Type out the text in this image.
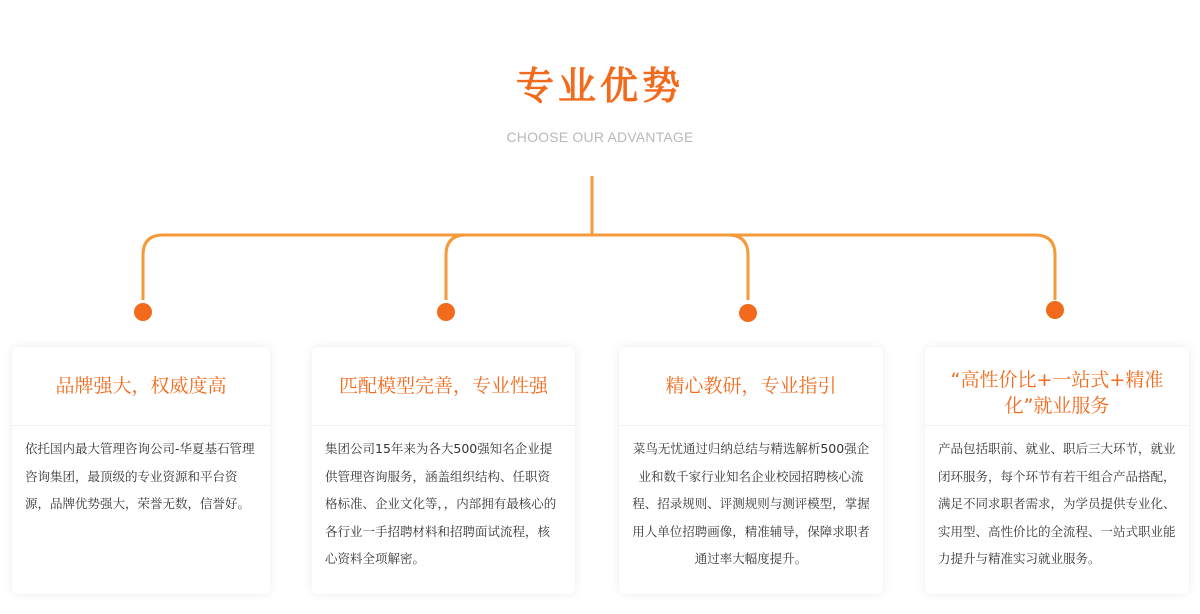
专业优势
CHOOSE OUR ADVANTAGE
品牌强大，权威度高
依托国内最大管理咨询公司-华夏基石管理咨询集团，最顶级的专业资源和平台资源，品牌优势强大，荣誉无数，信誉好。
匹配模型完善，专业性强
集团公司15年来为各大500强知名企业提供管理咨询服务，涵盖组织结构、任职资格标准、企业文化等，，内部拥有最核心的各行业一手招聘材料和招聘面试流程，核心资料全项解密。
精心教研，专业指引
菜鸟无忧通过归纳总结与精选解析500强企业和数千家行业知名企业校园招聘核心流程、招录规则、评测规则与测评模型，掌握用人单位招聘画像，精准辅导，保障求职者通过率大幅度提升。
“高性价比+一站式+精准化”就业服务
产品包括职前、就业、职后三大环节，就业闭环服务，每个环节有若干组合产品搭配，满足不同求职者需求，为学员提供专业化、实用型、高性价比的全流程、一站式职业能力提升与精准实习就业服务。
